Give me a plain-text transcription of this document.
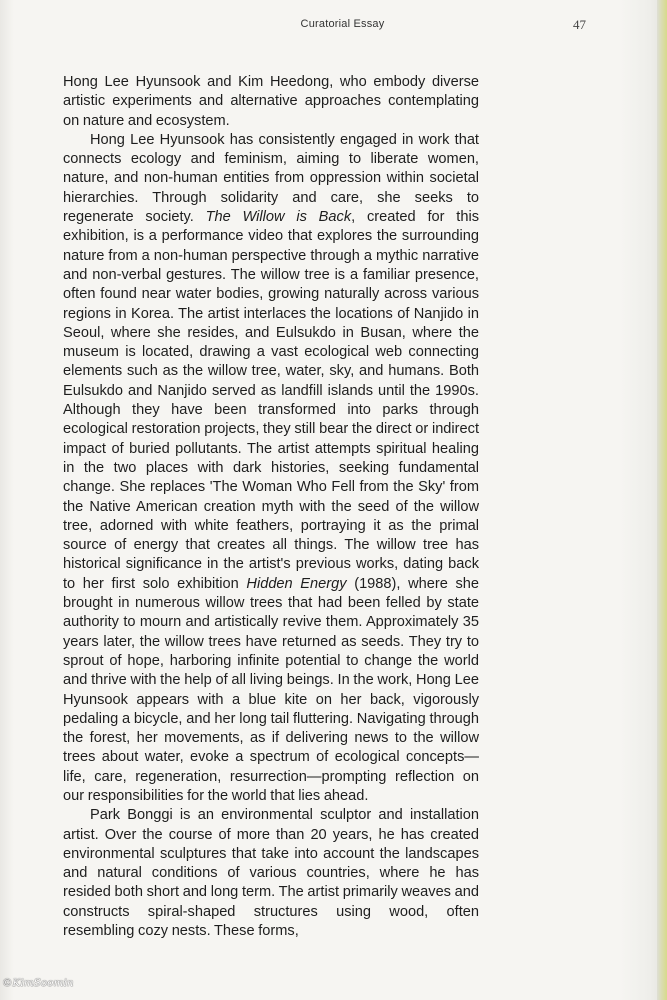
Curatorial Essay	47

Hong Lee Hyunsook and Kim Heedong, who embody diverse artistic experiments and alternative approaches contemplating on nature and ecosystem.

Hong Lee Hyunsook has consistently engaged in work that connects ecology and feminism, aiming to liberate women, nature, and non-human entities from oppression within societal hierarchies. Through solidarity and care, she seeks to regenerate society. The Willow is Back, created for this exhibition, is a performance video that explores the surrounding nature from a non-human perspective through a mythic narrative and non-verbal gestures. The willow tree is a familiar presence, often found near water bodies, growing naturally across various regions in Korea. The artist interlaces the locations of Nanjido in Seoul, where she resides, and Eulsukdo in Busan, where the museum is located, drawing a vast ecological web connecting elements such as the willow tree, water, sky, and humans. Both Eulsukdo and Nanjido served as landfill islands until the 1990s. Although they have been transformed into parks through ecological restoration projects, they still bear the direct or indirect impact of buried pollutants. The artist attempts spiritual healing in the two places with dark histories, seeking fundamental change. She replaces 'The Woman Who Fell from the Sky' from the Native American creation myth with the seed of the willow tree, adorned with white feathers, portraying it as the primal source of energy that creates all things. The willow tree has historical significance in the artist's previous works, dating back to her first solo exhibition Hidden Energy (1988), where she brought in numerous willow trees that had been felled by state authority to mourn and artistically revive them. Approximately 35 years later, the willow trees have returned as seeds. They try to sprout of hope, harboring infinite potential to change the world and thrive with the help of all living beings. In the work, Hong Lee Hyunsook appears with a blue kite on her back, vigorously pedaling a bicycle, and her long tail fluttering. Navigating through the forest, her movements, as if delivering news to the willow trees about water, evoke a spectrum of ecological concepts—life, care, regeneration, resurrection—prompting reflection on our responsibilities for the world that lies ahead.

Park Bonggi is an environmental sculptor and installation artist. Over the course of more than 20 years, he has created environmental sculptures that take into account the landscapes and natural conditions of various countries, where he has resided both short and long term. The artist primarily weaves and constructs spiral-shaped structures using wood, often resembling cozy nests. These forms,

©KimSoomin
